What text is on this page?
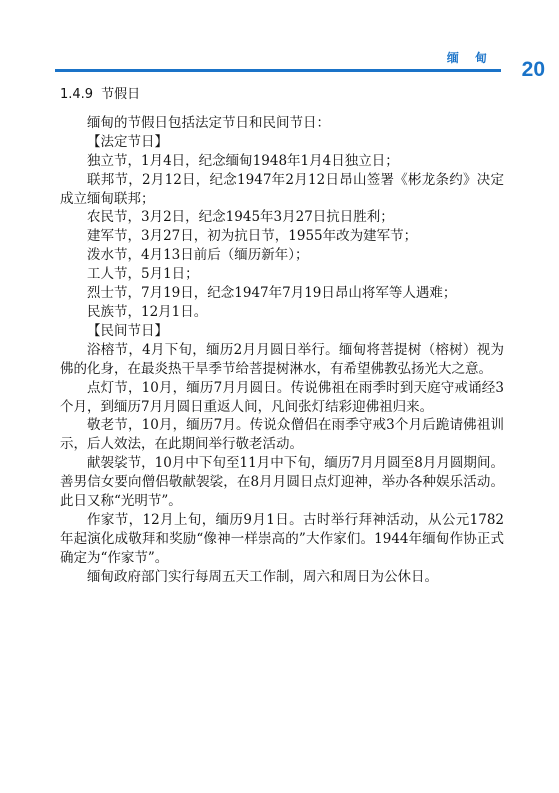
缅 甸 20
1.4.9 节假日

缅甸的节假日包括法定节日和民间节日：

【法定节日】

独立节，1月4日，纪念缅甸1948年1月4日独立日；

联邦节，2月12日，纪念1947年2月12日昂山签署《彬龙条约》决定成立缅甸联邦；

农民节，3月2日，纪念1945年3月27日抗日胜利；

建军节，3月27日，初为抗日节，1955年改为建军节；

泼水节，4月13日前后（缅历新年）；

工人节，5月1日；

烈士节，7月19日，纪念1947年7月19日昂山将军等人遇难；

民族节，12月1日。

【民间节日】

浴榕节，4月下旬，缅历2月月圆日举行。缅甸将菩提树（榕树）视为佛的化身，在最炎热干旱季节给菩提树淋水，有希望佛教弘扬光大之意。

点灯节，10月，缅历7月月圆日。传说佛祖在雨季时到天庭守戒诵经3个月，到缅历7月月圆日重返人间，凡间张灯结彩迎佛祖归来。

敬老节，10月，缅历7月。传说众僧侣在雨季守戒3个月后跪请佛祖训示，后人效法，在此期间举行敬老活动。

献袈裟节，10月中下旬至11月中下旬，缅历7月月圆至8月月圆期间。善男信女要向僧侣敬献袈裟，在8月月圆日点灯迎神，举办各种娱乐活动。此日又称“光明节”。

作家节，12月上旬，缅历9月1日。古时举行拜神活动，从公元1782年起演化成敬拜和奖励“像神一样崇高的”大作家们。1944年缅甸作协正式确定为“作家节”。

缅甸政府部门实行每周五天工作制，周六和周日为公休日。
